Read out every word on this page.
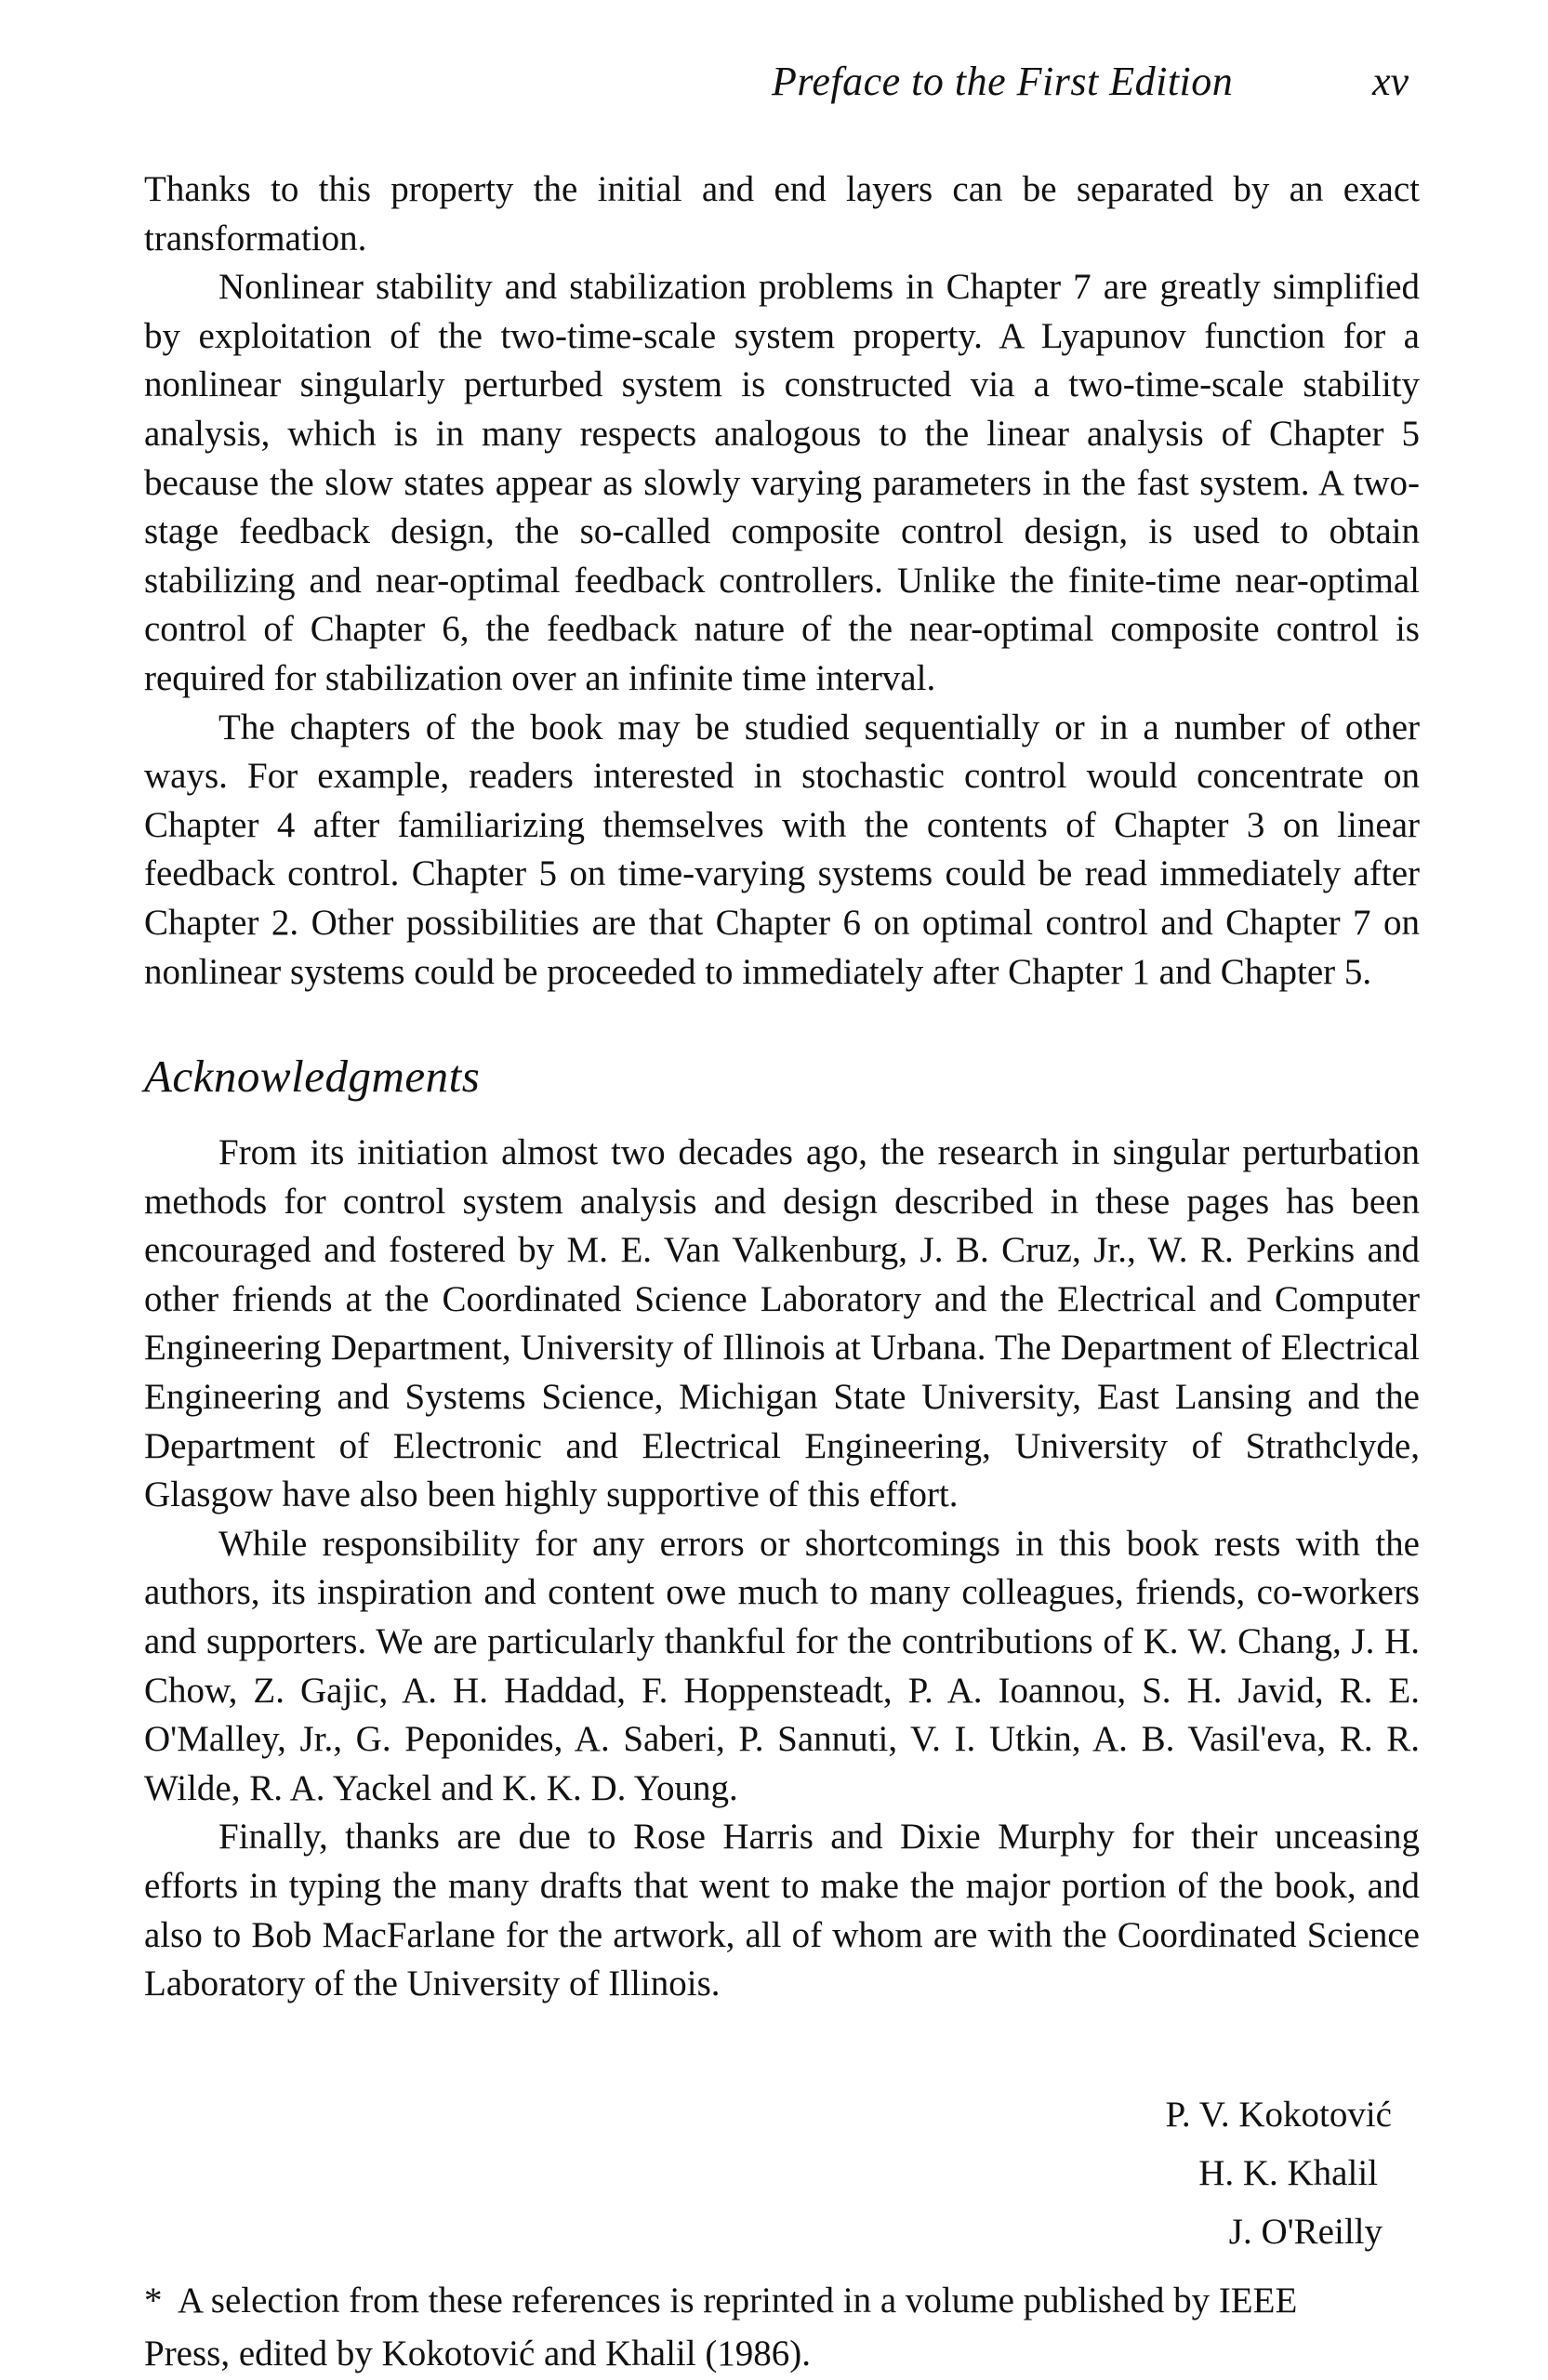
Preface to the First Edition	xv

Thanks to this property the initial and end layers can be separated by an exact transformation.

Nonlinear stability and stabilization problems in Chapter 7 are greatly simplified by exploitation of the two-time-scale system property. A Lyapunov function for a nonlinear singularly perturbed system is constructed via a two-time-scale stability analysis, which is in many respects analogous to the linear analysis of Chapter 5 because the slow states appear as slowly varying parameters in the fast system. A two-stage feedback design, the so-called composite control design, is used to obtain stabilizing and near-optimal feedback controllers. Unlike the finite-time near-optimal control of Chapter 6, the feedback nature of the near-optimal composite control is required for stabilization over an infinite time interval.

The chapters of the book may be studied sequentially or in a number of other ways. For example, readers interested in stochastic control would concentrate on Chapter 4 after familiarizing themselves with the contents of Chapter 3 on linear feedback control. Chapter 5 on time-varying systems could be read immediately after Chapter 2. Other possibilities are that Chapter 6 on optimal control and Chapter 7 on nonlinear systems could be proceeded to immediately after Chapter 1 and Chapter 5.

Acknowledgments

From its initiation almost two decades ago, the research in singular perturbation methods for control system analysis and design described in these pages has been encouraged and fostered by M. E. Van Valkenburg, J. B. Cruz, Jr., W. R. Perkins and other friends at the Coordinated Science Laboratory and the Electrical and Computer Engineering Department, University of Illinois at Urbana. The Department of Electrical Engineering and Systems Science, Michigan State University, East Lansing and the Department of Electronic and Electrical Engineering, University of Strathclyde, Glasgow have also been highly supportive of this effort.

While responsibility for any errors or shortcomings in this book rests with the authors, its inspiration and content owe much to many colleagues, friends, co-workers and supporters. We are particularly thankful for the contributions of K. W. Chang, J. H. Chow, Z. Gajic, A. H. Haddad, F. Hoppensteadt, P. A. Ioannou, S. H. Javid, R. E. O'Malley, Jr., G. Peponides, A. Saberi, P. Sannuti, V. I. Utkin, A. B. Vasil'eva, R. R. Wilde, R. A. Yackel and K. K. D. Young.

Finally, thanks are due to Rose Harris and Dixie Murphy for their unceasing efforts in typing the many drafts that went to make the major portion of the book, and also to Bob MacFarlane for the artwork, all of whom are with the Coordinated Science Laboratory of the University of Illinois.

P. V. Kokotović
H. K. Khalil
J. O'Reilly
* A selection from these references is reprinted in a volume published by IEEE Press, edited by Kokotović and Khalil (1986).
